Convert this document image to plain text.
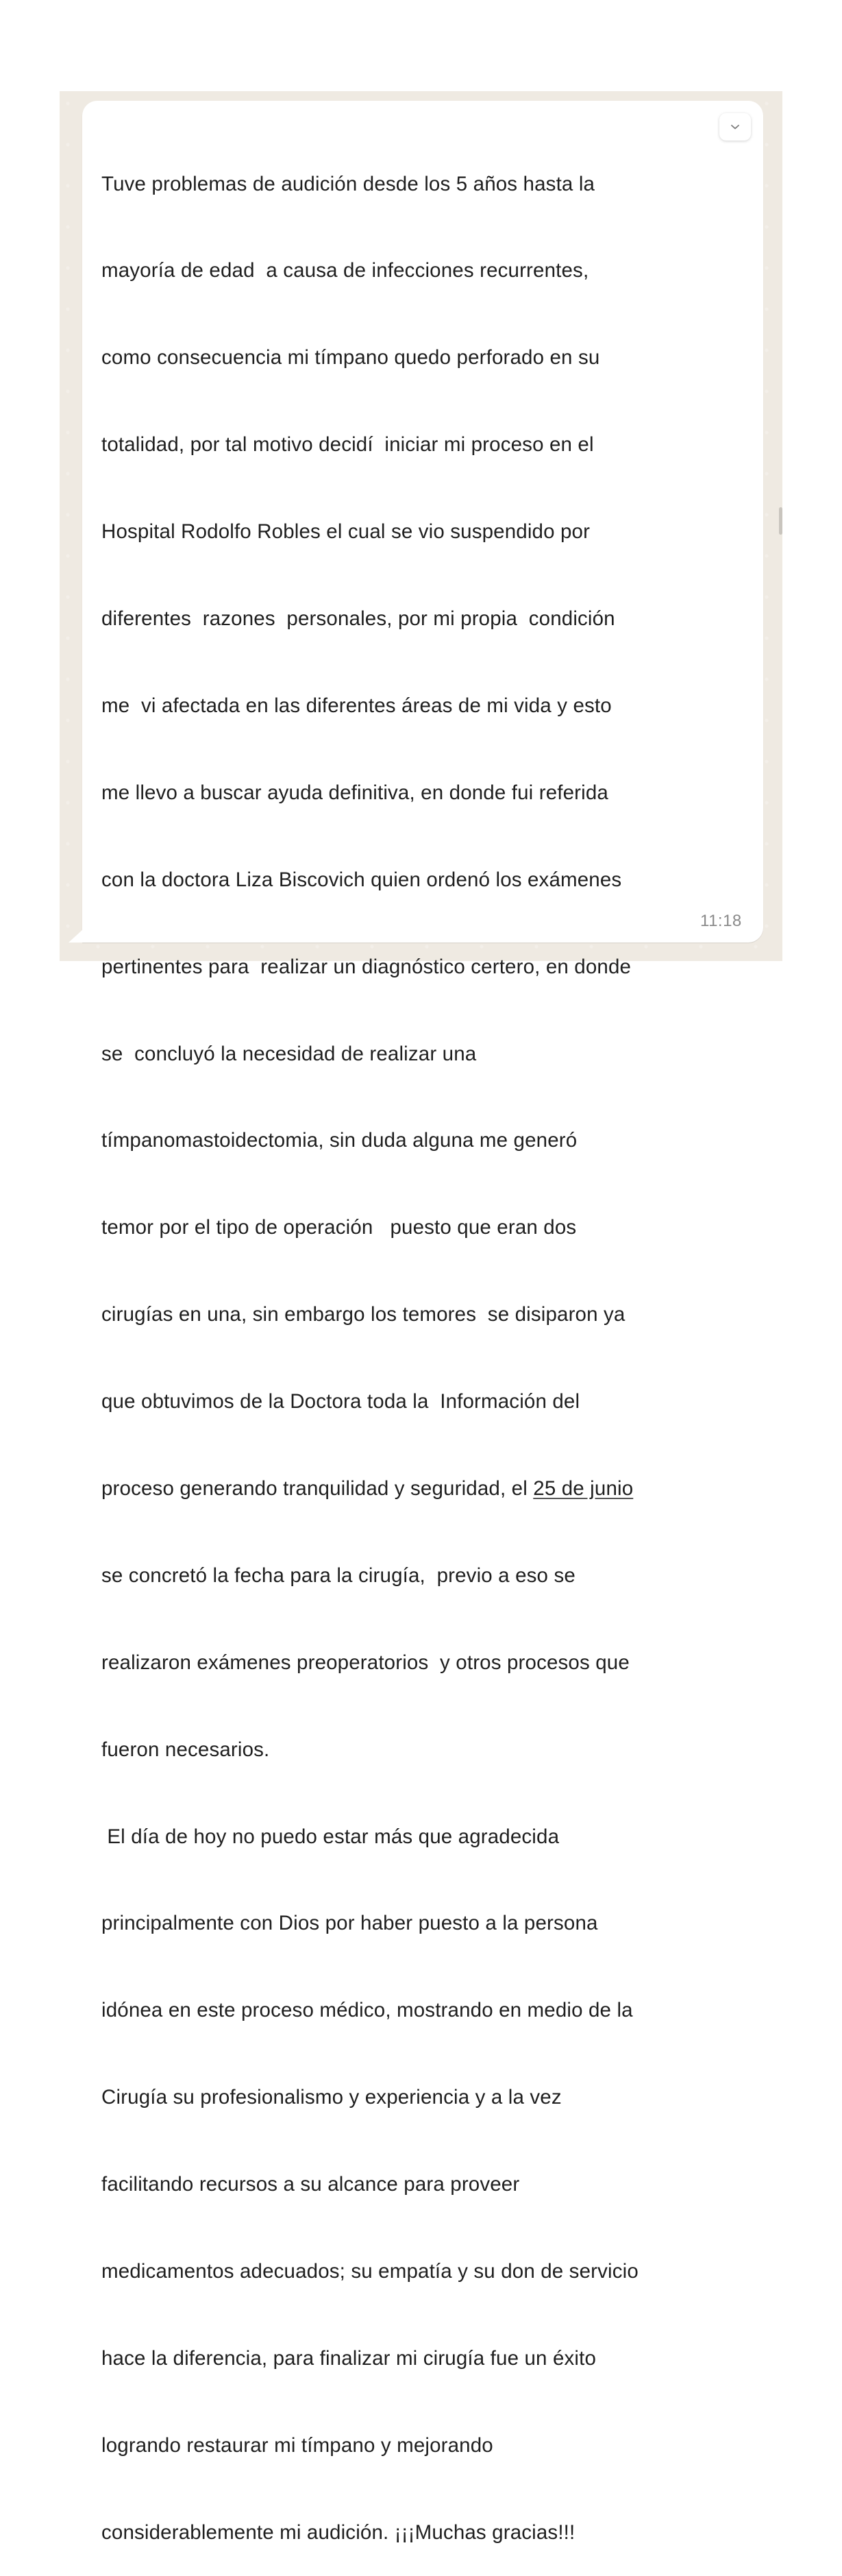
Tuve problemas de audición desde los 5 años hasta la

mayoría de edad  a causa de infecciones recurrentes,

como consecuencia mi tímpano quedo perforado en su

totalidad, por tal motivo decidí  iniciar mi proceso en el

Hospital Rodolfo Robles el cual se vio suspendido por

diferentes  razones  personales, por mi propia  condición

me  vi afectada en las diferentes áreas de mi vida y esto

me llevo a buscar ayuda definitiva, en donde fui referida

con la doctora Liza Biscovich quien ordenó los exámenes

pertinentes para  realizar un diagnóstico certero, en donde

se  concluyó la necesidad de realizar una

tímpanomastoidectomia, sin duda alguna me generó

temor por el tipo de operación   puesto que eran dos

cirugías en una, sin embargo los temores  se disiparon ya

que obtuvimos de la Doctora toda la  Información del

proceso generando tranquilidad y seguridad, el 25 de junio

se concretó la fecha para la cirugía,  previo a eso se

realizaron exámenes preoperatorios  y otros procesos que

fueron necesarios.

El día de hoy no puedo estar más que agradecida

principalmente con Dios por haber puesto a la persona

idónea en este proceso médico, mostrando en medio de la

Cirugía su profesionalismo y experiencia y a la vez

facilitando recursos a su alcance para proveer

medicamentos adecuados; su empatía y su don de servicio

hace la diferencia, para finalizar mi cirugía fue un éxito

logrando restaurar mi tímpano y mejorando

considerablemente mi audición. ¡¡¡Muchas gracias!!!

11:18
